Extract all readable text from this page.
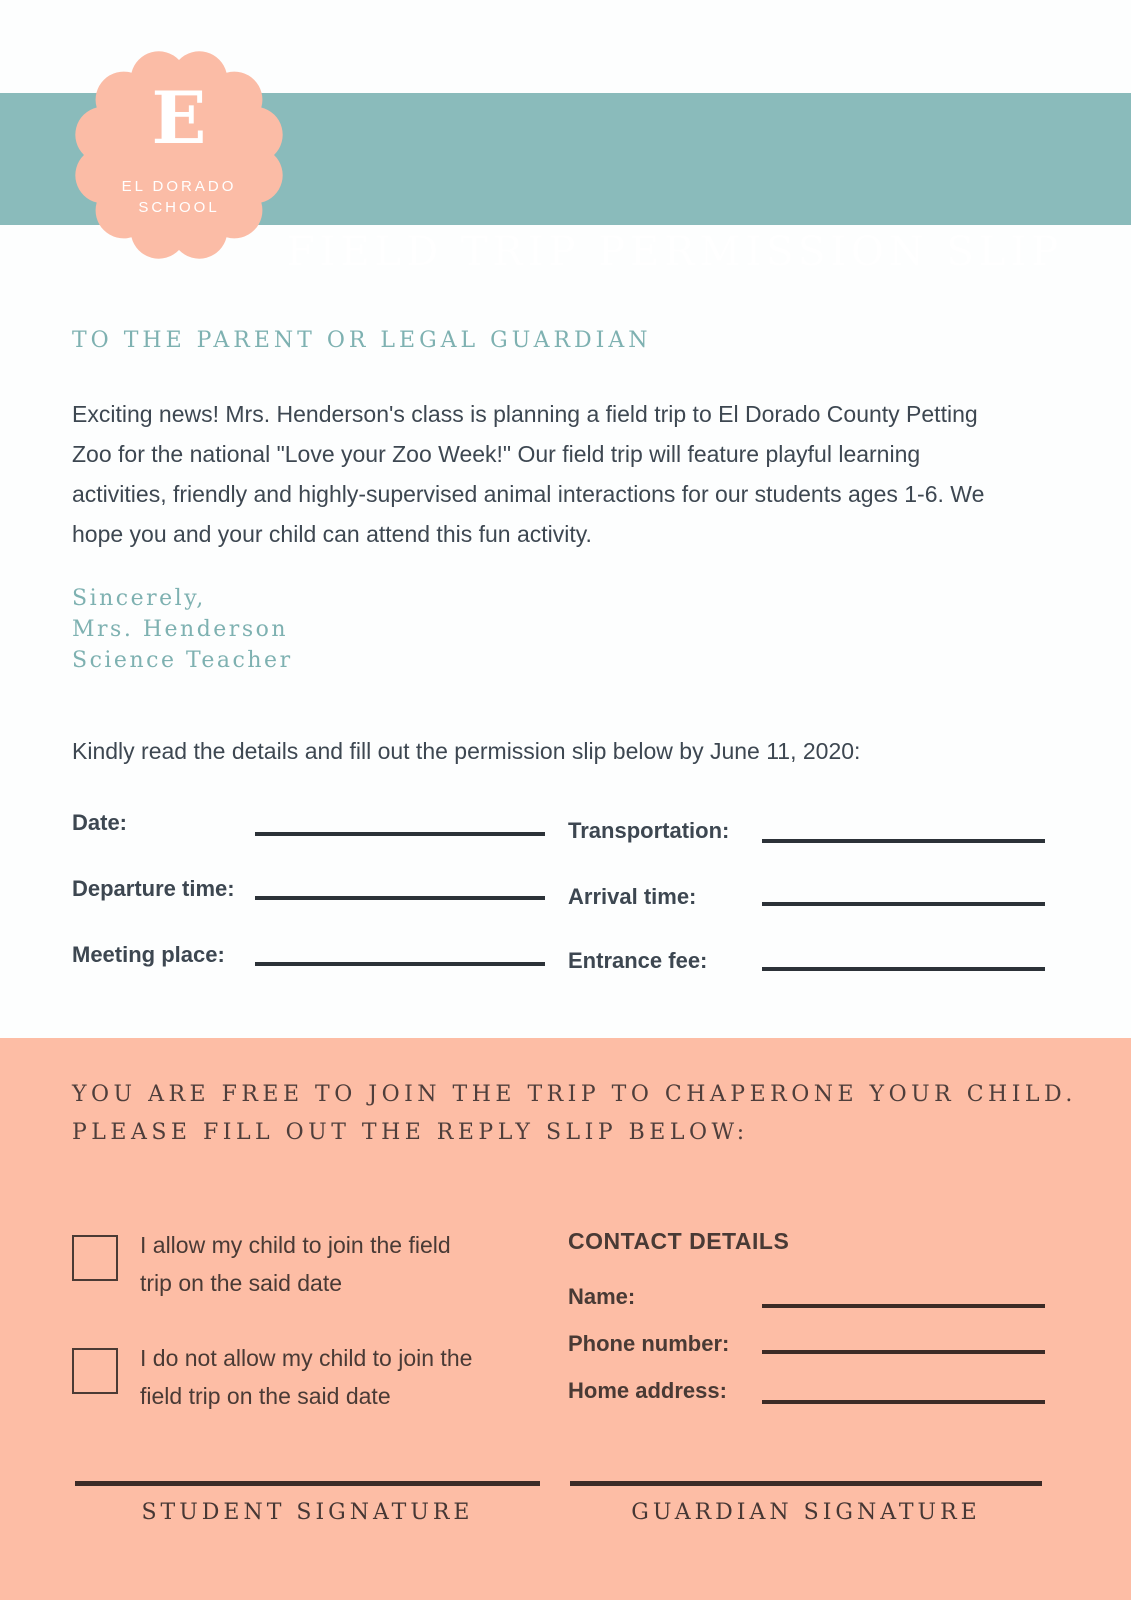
FIELD TRIP PERMISSION SLIP
E
EL DORADO
SCHOOL
TO THE PARENT OR LEGAL GUARDIAN

Exciting news! Mrs. Henderson's class is planning a field trip to El Dorado County Petting Zoo for the national "Love your Zoo Week!" Our field trip will feature playful learning activities, friendly and highly-supervised animal interactions for our students ages 1-6. We hope you and your child can attend this fun activity.

Sincerely,
Mrs. Henderson
Science Teacher
Kindly read the details and fill out the permission slip below by June 11, 2020:
Date:
Departure time:
Meeting place:
Transportation:
Arrival time:
Entrance fee:
YOU ARE FREE TO JOIN THE TRIP TO CHAPERONE YOUR CHILD.
PLEASE FILL OUT THE REPLY SLIP BELOW:
I allow my child to join the field
trip on the said date
I do not allow my child to join the
field trip on the said date
CONTACT DETAILS
Name:
Phone number:
Home address:
STUDENT SIGNATURE	GUARDIAN SIGNATURE
